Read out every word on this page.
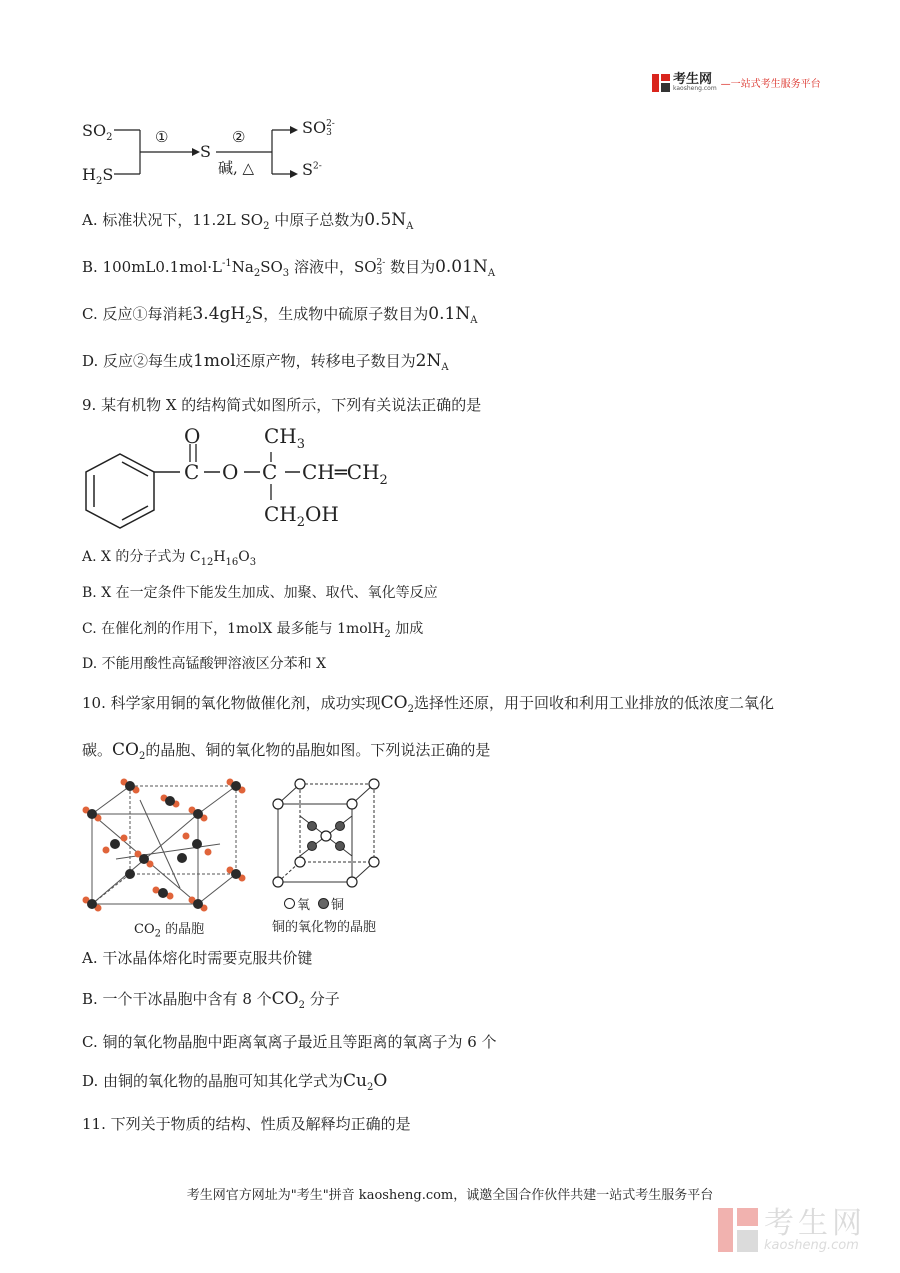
考生网
kaosheng.com —一站式考生服务平台
$SO_2$
$H_2S$
①
S
②
碱, △
SO 2-
3
$S^{2-}$
A. 标准状况下，11.2L $SO_2$ 中原子总数为$0.5N_A$
B. $100mL0.1mol\cdot L^{-1}Na_2SO_3$ 溶液中，SO 2-
3 数目为$0.01N_A$
C. 反应①每消耗$3.4gH_2S$，生成物中硫原子数目为$0.1N_A$
D. 反应②每生成1mol还原产物，转移电子数目为$2N_A$
9. 某有机物 X 的结构简式如图所示，下列有关说法正确的是
O
C O C
$CH_3$
$CH═CH_2$
$CH_2OH$
A. X 的分子式为 $C_{12}H_{16}O_3$
B. X 在一定条件下能发生加成、加聚、取代、氧化等反应
C. 在催化剂的作用下，1molX 最多能与 1molH$_2$ 加成
D. 不能用酸性高锰酸钾溶液区分苯和 X
10. 科学家用铜的氧化物做催化剂，成功实现$CO_2$选择性还原，用于回收和利用工业排放的低浓度二氧化
碳。$CO_2$的晶胞、铜的氧化物的晶胞如图。下列说法正确的是
$CO_2$ 的晶胞
氧 铜
铜的氧化物的晶胞
A. 干冰晶体熔化时需要克服共价键
B. 一个干冰晶胞中含有 8 个$CO_2$ 分子
C. 铜的氧化物晶胞中距离氧离子最近且等距离的氧离子为 6 个
D. 由铜的氧化物的晶胞可知其化学式为$Cu_2O$
11. 下列关于物质的结构、性质及解释均正确的是
考生网官方网址为"考生"拼音 kaosheng.com，诚邀全国合作伙伴共建一站式考生服务平台
考生网
kaosheng.com
